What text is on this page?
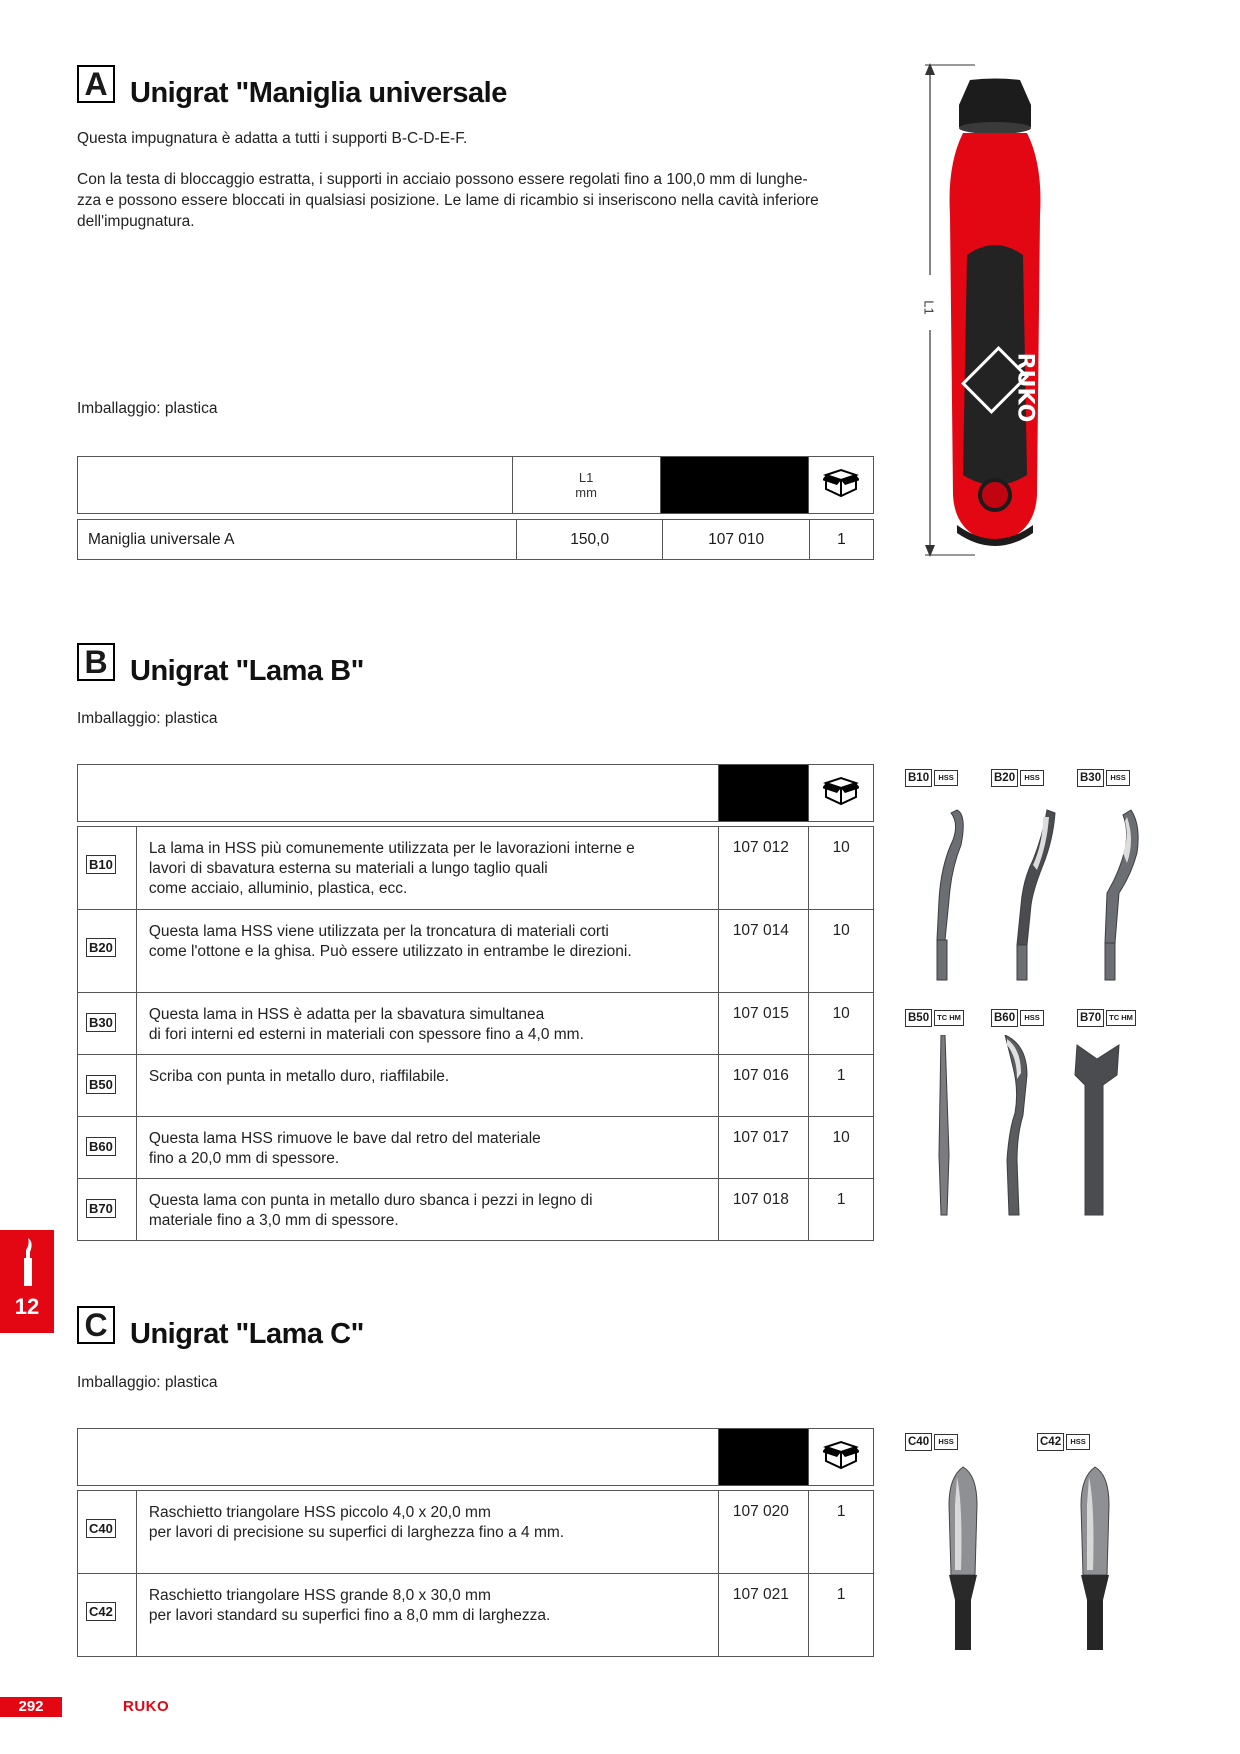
A Unigrat "Maniglia universale
Questa impugnatura è adatta a tutti i supporti B-C-D-E-F.
Con la testa di bloccaggio estratta, i supporti in acciaio possono essere regolati fino a 100,0 mm di lunghe-
zza e possono essere bloccati in qualsiasi posizione. Le lame di ricambio si inseriscono nella cavità inferiore
dell'impugnatura.
Imballaggio: plastica

L1
mm

Maniglia universale A	150,0	107 010	1
L1
RUKO
B Unigrat "Lama B"
Imballaggio: plastica

B10	La lama in HSS più comunemente utilizzata per le lavorazioni interne e
lavori di sbavatura esterna su materiali a lungo taglio quali
come acciaio, alluminio, plastica, ecc.	107 012	10

B20	Questa lama HSS viene utilizzata per la troncatura di materiali corti
come l'ottone e la ghisa. Può essere utilizzato in entrambe le direzioni.	107 014	10

B30	Questa lama in HSS è adatta per la sbavatura simultanea
di fori interni ed esterni in materiali con spessore fino a 4,0 mm.	107 015	10

B50	Scriba con punta in metallo duro, riaffilabile.	107 016	1

B60	Questa lama HSS rimuove le bave dal retro del materiale
fino a 20,0 mm di spessore.	107 017	10

B70	Questa lama con punta in metallo duro sbanca i pezzi in legno di
materiale fino a 3,0 mm di spessore.	107 018	1
B10	HSS	B20	HSS	B30	HSS
B50	TC HM	B60	HSS	B70	TC HM
12
C Unigrat "Lama C"
Imballaggio: plastica

C40	Raschietto triangolare HSS piccolo 4,0 x 20,0 mm
per lavori di precisione su superfici di larghezza fino a 4 mm.	107 020	1

C42	Raschietto triangolare HSS grande 8,0 x 30,0 mm
per lavori standard su superfici fino a 8,0 mm di larghezza.	107 021	1
C40	HSS	C42	HSS
292	RUKO
